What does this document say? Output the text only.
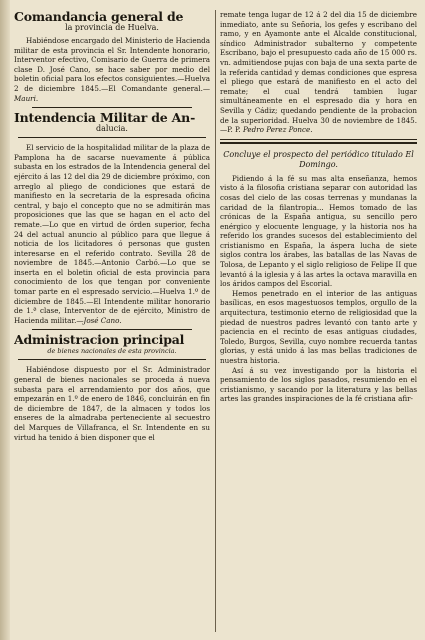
Comandancia general de
la provincia de Huelva.

Habiéndose encargado del Ministerio de Hacienda militar de esta provincia el Sr. Intendente honorario, Interventor efectivo, Comisario de Guerra de primera clase D. José Cano, se hace saber por medio del boletin oficial para los efectos consiguientes.—Huelva 2 de diciembre 1845.—El Comandante general.—Mauri.

Intendencia Militar de An-
dalucia.

El servicio de la hospitalidad militar de la plaza de Pamplona ha de sacarse nuevamente á pública subasta en los estrados de la Intendencia general del ejército á las 12 del dia 29 de diciembre próximo, con arreglo al pliego de condiciones que estará de manifiesto en la secretaria de la espresada oficina central, y bajo el concepto que no se admitirán mas proposiciones que las que se hagan en el acto del remate.—Lo que en virtud de órden superior, fecha 24 del actual anuncio al público para que llegue á noticia de los licitadores ó personas que gusten interesarse en el referido contrato. Sevilla 28 de noviembre de 1845.—Antonio Carbó.—Lo que se inserta en el boletin oficial de esta provincia para conocimiento de los que tengan por conveniente tomar parte en el espresado servicio.—Huelva 1.º de diciembre de 1845.—El Intendente militar honorario de 1.ª clase, Interventor de de ejército, Ministro de Hacienda militar.—José Cano.

Administracion principal
de bienes nacionales de esta provincia.

Habiéndose dispuesto por el Sr. Administrador general de bienes nacionales se proceda á nueva subasta para el arrendamiento por dos años, que empezarán en 1.º de enero de 1846, concluirán en fin de diciembre de 1847, de la almacen y todos los enseres de la almadraba perteneciente al secuestro del Marques de Villafranca, el Sr. Intendente en su virtud ha tenido á bien disponer que el

remate tenga lugar de 12 á 2 del dia 15 de diciembre inmediato, ante su Señoria, los gefes y escribano del ramo, y en Ayamonte ante el Alcalde constitucional, síndico Administrador subalterno y competente Escribano, bajo el presupuesto cada año de 15 000 rs. vn. admitiendose pujas con baja de una sexta parte de la referida cantidad y demas condiciones que espresa el pliego que estará de manifiesto en el acto del remate; el cual tendrá tambien lugar simultáneamente en el espresado dia y hora en Sevilla y Cádiz; quedando pendiente de la probacion de la superioridad. Huelva 30 de noviembre de 1845.—P. P. Pedro Perez Ponce.

Concluye el prospecto del periódico titulado El Domingo.

Pidiendo á la fé su mas alta enseñanza, hemos visto á la filosofia cristiana separar con autoridad las cosas del cielo de las cosas terrenas y mundanas la caridad de la filantropia... Hemos tomado de las crónicas de la España antigua, su sencillo pero enérgico y elocuente lenguage, y la historia nos ha referido los grandes sucesos del establecimiento del cristianismo en España, la áspera lucha de siete siglos contra los árabes, las batallas de las Navas de Tolosa, de Lepanto y el siglo religioso de Felipe II que levantó á la iglesia y á las artes la octava maravilla en los áridos campos del Escorial.

Hemos penetrado en el interior de las antiguas basílicas, en esos magestuosos templos, orgullo de la arquitectura, testimonio eterno de religiosidad que la piedad de nuestros padres levantó con tanto arte y paciencia en el recinto de esas antiguas ciudades, Toledo, Burgos, Sevilla, cuyo nombre recuerda tantas glorias, y está unido á las mas bellas tradiciones de nuestra historia.

Así á su vez investigando por la historia el pensamiento de los siglos pasados, resumiendo en el cristianismo, y sacando por la literatura y las bellas artes las grandes inspiraciones de la fé cristiana afir-
